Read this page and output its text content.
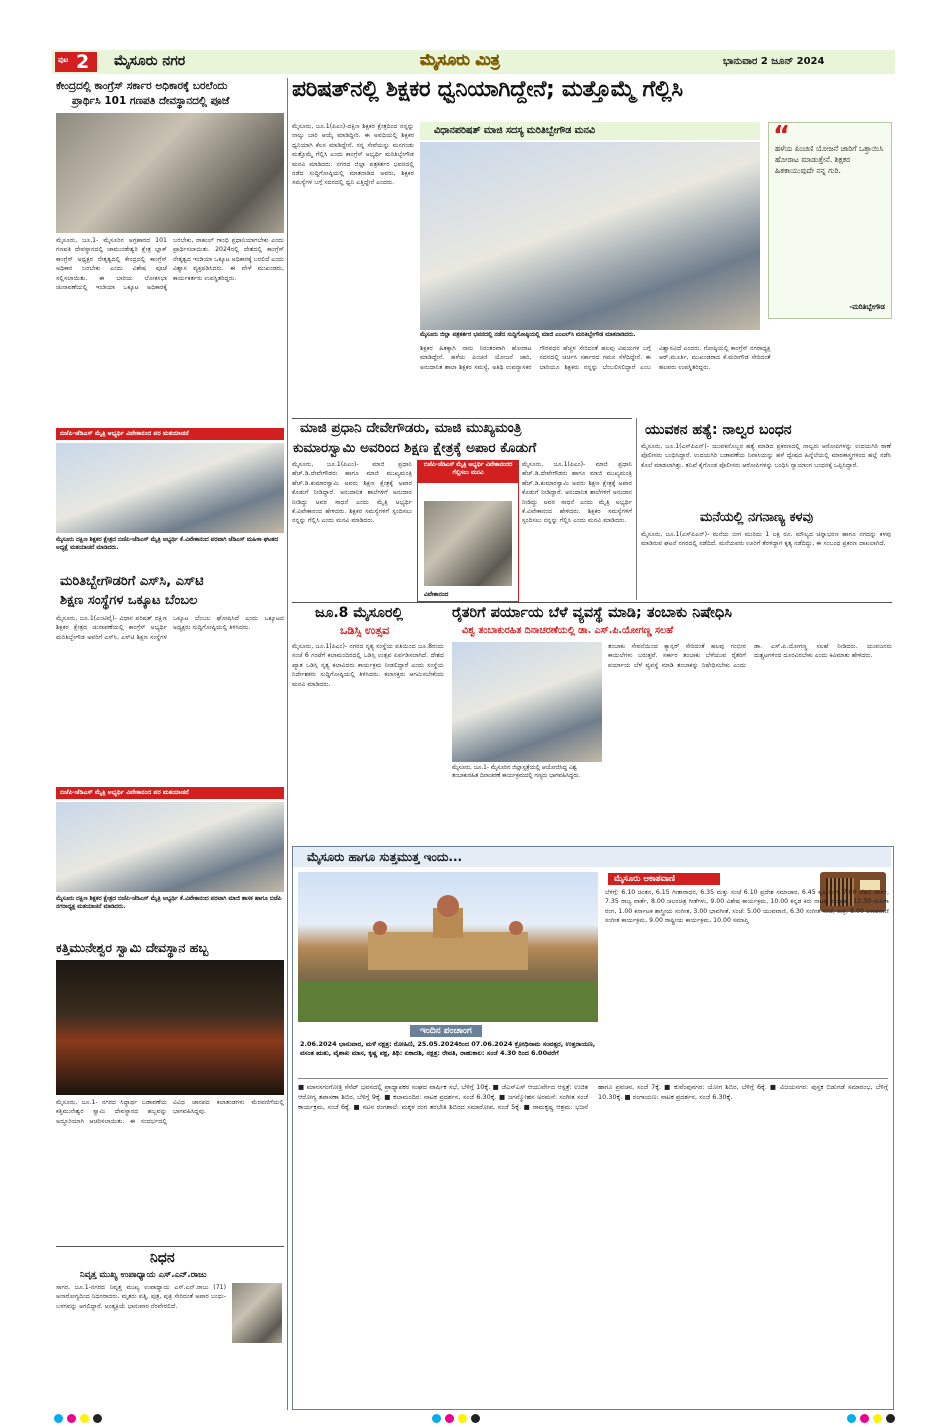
ಪುಟ 2 ಮೈಸೂರು ನಗರ	ಮೈಸೂರು ಮಿತ್ರ	ಭಾನುವಾರ 2 ಜೂನ್ 2024
ಕೇಂದ್ರದಲ್ಲಿ ಕಾಂಗ್ರೆಸ್ ಸರ್ಕಾರ ಅಧಿಕಾರಕ್ಕೆ ಬರಲೆಂದು
ಪ್ರಾರ್ಥಿಸಿ 101 ಗಣಪತಿ ದೇವಸ್ಥಾನದಲ್ಲಿ ಪೂಜೆ
ಮೈಸೂರು, ಜೂ.1- ಮೈಸೂರಿನ ಅಗ್ರಹಾರದ 101 ಗಣಪತಿ ದೇವಸ್ಥಾನದಲ್ಲಿ ಚಾಮುಂಡೇಶ್ವರಿ ಕ್ಷೇತ್ರ ಬ್ಲಾಕ್ ಕಾಂಗ್ರೆಸ್ ಅಧ್ಯಕ್ಷರ ನೇತೃತ್ವದಲ್ಲಿ ಕೇಂದ್ರದಲ್ಲಿ ಕಾಂಗ್ರೆಸ್ ಅಧಿಕಾರ ಬರಬೇಕು ಎಂದು ವಿಶೇಷ ಪೂಜೆ ಸಲ್ಲಿಸಲಾಯಿತು. ಈ ಬಾರಿಯ ಲೋಕಸಭಾ ಚುನಾವಣೆಯಲ್ಲಿ ಇಂಡಿಯಾ ಒಕ್ಕೂಟ ಅಧಿಕಾರಕ್ಕೆ ಬರಬೇಕು, ರಾಹುಲ್ ಗಾಂಧಿ ಪ್ರಧಾನಿಯಾಗಬೇಕು ಎಂದು ಪ್ರಾರ್ಥಿಸಲಾಯಿತು. 2024ರಲ್ಲಿ ದೇಶದಲ್ಲಿ ಕಾಂಗ್ರೆಸ್ ನೇತೃತ್ವದ ಇಂಡಿಯಾ ಒಕ್ಕೂಟ ಅಧಿಕಾರಕ್ಕೆ ಬರಲಿದೆ ಎಂದು ವಿಶ್ವಾಸ ವ್ಯಕ್ತಪಡಿಸಿದರು. ಈ ವೇಳೆ ಮುಖಂಡರು, ಕಾರ್ಯಕರ್ತರು ಉಪಸ್ಥಿತರಿದ್ದರು.
ಬಿಜೆಪಿ-ಜೆಡಿಎಸ್ ಮೈತ್ರಿ ಅಭ್ಯರ್ಥಿ ವಿವೇಕಾನಂದ ಪರ ಮತಯಾಚನೆ
ಮೈಸೂರು ದಕ್ಷಿಣ ಶಿಕ್ಷಕರ ಕ್ಷೇತ್ರದ ಬಿಜೆಪಿ-ಜೆಡಿಎಸ್ ಮೈತ್ರಿ ಅಭ್ಯರ್ಥಿ ಕೆ.ವಿವೇಕಾನಂದ ಪರವಾಗಿ ಜೆಡಿಎಸ್ ಮಹಿಳಾ ಘಟಕದ ಅಧ್ಯಕ್ಷೆ ಮತಯಾಚನೆ ಮಾಡಿದರು.
ಮರಿತಿಬ್ಬೇಗೌಡರಿಗೆ ಎಸ್‌ಸಿ, ಎಸ್‌ಟಿ
ಶಿಕ್ಷಣ ಸಂಸ್ಥೆಗಳ ಒಕ್ಕೂಟ ಬೆಂಬಲ
ಮೈಸೂರು, ಜೂ.1(ಎಂಟಿವೈ)- ವಿಧಾನ ಪರಿಷತ್ ದಕ್ಷಿಣ ಶಿಕ್ಷಕರ ಕ್ಷೇತ್ರದ ಚುನಾವಣೆಯಲ್ಲಿ ಕಾಂಗ್ರೆಸ್ ಅಭ್ಯರ್ಥಿ ಮರಿತಿಬ್ಬೇಗೌಡ ಅವರಿಗೆ ಎಸ್‌ಸಿ, ಎಸ್‌ಟಿ ಶಿಕ್ಷಣ ಸಂಸ್ಥೆಗಳ ಒಕ್ಕೂಟ ಬೆಂಬಲ ಘೋಷಿಸಿದೆ ಎಂದು ಒಕ್ಕೂಟದ ಅಧ್ಯಕ್ಷರು ಸುದ್ದಿಗೋಷ್ಠಿಯಲ್ಲಿ ತಿಳಿಸಿದರು.
ಬಿಜೆಪಿ-ಜೆಡಿಎಸ್ ಮೈತ್ರಿ ಅಭ್ಯರ್ಥಿ ವಿವೇಕಾನಂದ ಪರ ಮತಯಾಚನೆ
ಮೈಸೂರು ದಕ್ಷಿಣ ಶಿಕ್ಷಕರ ಕ್ಷೇತ್ರದ ಬಿಜೆಪಿ-ಜೆಡಿಎಸ್ ಮೈತ್ರಿ ಅಭ್ಯರ್ಥಿ ಕೆ.ವಿವೇಕಾನಂದ ಪರವಾಗಿ ಮಾಜಿ ಶಾಸಕ ಹಾಗೂ ಬಿಜೆಪಿ ನಗರಾಧ್ಯಕ್ಷ ಮತಯಾಚನೆ ಮಾಡಿದರು.
ಕತ್ತಿಮುನೇಶ್ವರ ಸ್ವಾಮಿ ದೇವಸ್ಥಾನ ಹಬ್ಬ
ಮೈಸೂರು, ಜೂ.1- ನಗರದ ಸಿದ್ದಾರ್ಥ ಬಡಾವಣೆಯ ಕತ್ತಿಮುನೇಶ್ವರ ಸ್ವಾಮಿ ದೇವಸ್ಥಾನದ ಹಬ್ಬವನ್ನು ಅದ್ಧೂರಿಯಾಗಿ ಆಚರಿಸಲಾಯಿತು. ಈ ಸಂದರ್ಭದಲ್ಲಿ ವಿವಿಧ ಜಾನಪದ ಕಲಾತಂಡಗಳು ಮೆರವಣಿಗೆಯಲ್ಲಿ ಭಾಗವಹಿಸಿದ್ದವು.
ನಿಧನ
ನಿವೃತ್ತ ಮುಖ್ಯ ಉಪಾಧ್ಯಾಯ ಎಸ್.ಎನ್.ರಾಜು
ಸಾಗರ, ಜೂ.1-ನಗರದ ನಿವೃತ್ತ ಮುಖ್ಯ ಉಪಾಧ್ಯಾಯ ಎಸ್.ಎನ್.ರಾಜು (71) ಅನಾರೋಗ್ಯದಿಂದ ನಿಧನರಾದರು. ಮೃತರು ಪತ್ನಿ, ಪುತ್ರ, ಪುತ್ರಿ ಸೇರಿದಂತೆ ಅಪಾರ ಬಂಧು-ಬಳಗವನ್ನು ಅಗಲಿದ್ದಾರೆ. ಅಂತ್ಯಕ್ರಿಯೆ ಭಾನುವಾರ ನೆರವೇರಲಿದೆ.
ಪರಿಷತ್‌ನಲ್ಲಿ ಶಿಕ್ಷಕರ ಧ್ವನಿಯಾಗಿದ್ದೇನೆ; ಮತ್ತೊಮ್ಮೆ ಗೆಲ್ಲಿಸಿ
ವಿಧಾನಪರಿಷತ್ ಮಾಜಿ ಸದಸ್ಯ ಮರಿತಿಬ್ಬೇಗೌಡ ಮನವಿ
ಮೈಸೂರು, ಜೂ.1(ಪಿಎಂ)-ದಕ್ಷಿಣ ಶಿಕ್ಷಕರ ಕ್ಷೇತ್ರದಿಂದ ನನ್ನನ್ನು ನಾಲ್ಕು ಬಾರಿ ಆಯ್ಕೆ ಮಾಡಿದ್ದೀರಿ. ಈ ಅವಧಿಯಲ್ಲಿ ಶಿಕ್ಷಕರ ಧ್ವನಿಯಾಗಿ ಕೆಲಸ ಮಾಡಿದ್ದೇನೆ. ನನ್ನ ಸೇವೆಯನ್ನು ಮನಗಂಡು ಮತ್ತೊಮ್ಮೆ ಗೆಲ್ಲಿಸಿ ಎಂದು ಕಾಂಗ್ರೆಸ್ ಅಭ್ಯರ್ಥಿ ಮರಿತಿಬ್ಬೇಗೌಡ ಮನವಿ ಮಾಡಿದರು. ನಗರದ ಜಿಲ್ಲಾ ಪತ್ರಕರ್ತರ ಭವನದಲ್ಲಿ ನಡೆದ ಸುದ್ದಿಗೋಷ್ಠಿಯಲ್ಲಿ ಮಾತನಾಡಿದ ಅವರು, ಶಿಕ್ಷಕರ ಸಮಸ್ಯೆಗಳ ಬಗ್ಗೆ ಸದನದಲ್ಲಿ ಧ್ವನಿ ಎತ್ತಿದ್ದೇನೆ ಎಂದರು.
ಮೈಸೂರು ಜಿಲ್ಲಾ ಪತ್ರಕರ್ತರ ಭವನದಲ್ಲಿ ನಡೆದ ಸುದ್ದಿಗೋಷ್ಠಿಯಲ್ಲಿ ಮಾಜಿ ಎಂಎಲ್‌ಸಿ ಮರಿತಿಬ್ಬೇಗೌಡ ಮಾತನಾಡಿದರು.
“
ಹಳೆಯ ಪಿಂಚಣಿ ಯೋಜನೆ ಜಾರಿಗೆ ಒತ್ತಾಯಿಸಿ ಹೋರಾಟ ಮಾಡುತ್ತೇನೆ. ಶಿಕ್ಷಕರ ಹಿತಕಾಯುವುದೇ ನನ್ನ ಗುರಿ.
-ಮರಿತಿಬ್ಬೇಗೌಡ
ಶಿಕ್ಷಕರ ಹಿತಕ್ಕಾಗಿ ನಾನು ನಿರಂತರವಾಗಿ ಹೋರಾಟ ಮಾಡಿದ್ದೇನೆ. ಹಳೆಯ ಪಿಂಚಣಿ ಯೋಜನೆ ಜಾರಿ, ಅನುದಾನಿತ ಶಾಲಾ ಶಿಕ್ಷಕರ ಸಮಸ್ಯೆ, ಅತಿಥಿ ಉಪನ್ಯಾಸಕರ ಗೌರವಧನ ಹೆಚ್ಚಳ ಸೇರಿದಂತೆ ಹಲವು ವಿಷಯಗಳ ಬಗ್ಗೆ ಸದನದಲ್ಲಿ ಚರ್ಚಿಸಿ ಸರ್ಕಾರದ ಗಮನ ಸೆಳೆದಿದ್ದೇನೆ. ಈ ಬಾರಿಯೂ ಶಿಕ್ಷಕರು ನನ್ನನ್ನು ಬೆಂಬಲಿಸಲಿದ್ದಾರೆ ಎಂಬ ವಿಶ್ವಾಸವಿದೆ ಎಂದರು. ಗೋಷ್ಠಿಯಲ್ಲಿ ಕಾಂಗ್ರೆಸ್ ನಗರಾಧ್ಯಕ್ಷ ಆರ್.ಮೂರ್ತಿ, ಮುಖಂಡರಾದ ಕೆ.ಮರೀಗೌಡ ಸೇರಿದಂತೆ ಹಲವರು ಉಪಸ್ಥಿತರಿದ್ದರು.
ಮಾಜಿ ಪ್ರಧಾನಿ ದೇವೇಗೌಡರು, ಮಾಜಿ ಮುಖ್ಯಮಂತ್ರಿ
ಕುಮಾರಸ್ವಾಮಿ ಅವರಿಂದ ಶಿಕ್ಷಣ ಕ್ಷೇತ್ರಕ್ಕೆ ಅಪಾರ ಕೊಡುಗೆ
ಬಿಜೆಪಿ-ಜೆಡಿಎಸ್ ಮೈತ್ರಿ ಅಭ್ಯರ್ಥಿ ವಿವೇಕಾನಂದರ ಗೆಲ್ಲಿಸಲು ಮನವಿ
ವಿವೇಕಾನಂದ
ಮೈಸೂರು, ಜೂ.1(ಪಿಎಂ)- ಮಾಜಿ ಪ್ರಧಾನಿ ಹೆಚ್.ಡಿ.ದೇವೇಗೌಡರು ಹಾಗೂ ಮಾಜಿ ಮುಖ್ಯಮಂತ್ರಿ ಹೆಚ್.ಡಿ.ಕುಮಾರಸ್ವಾಮಿ ಅವರು ಶಿಕ್ಷಣ ಕ್ಷೇತ್ರಕ್ಕೆ ಅಪಾರ ಕೊಡುಗೆ ನೀಡಿದ್ದಾರೆ. ಅನುದಾನಿತ ಶಾಲೆಗಳಿಗೆ ಅನುದಾನ ನೀಡಿದ್ದು ಅವರ ಸಾಧನೆ ಎಂದು ಮೈತ್ರಿ ಅಭ್ಯರ್ಥಿ ಕೆ.ವಿವೇಕಾನಂದ ಹೇಳಿದರು. ಶಿಕ್ಷಕರ ಸಮಸ್ಯೆಗಳಿಗೆ ಸ್ಪಂದಿಸಲು ನನ್ನನ್ನು ಗೆಲ್ಲಿಸಿ ಎಂದು ಮನವಿ ಮಾಡಿದರು.
ಮೈಸೂರು, ಜೂ.1(ಪಿಎಂ)- ಮಾಜಿ ಪ್ರಧಾನಿ ಹೆಚ್.ಡಿ.ದೇವೇಗೌಡರು ಹಾಗೂ ಮಾಜಿ ಮುಖ್ಯಮಂತ್ರಿ ಹೆಚ್.ಡಿ.ಕುಮಾರಸ್ವಾಮಿ ಅವರು ಶಿಕ್ಷಣ ಕ್ಷೇತ್ರಕ್ಕೆ ಅಪಾರ ಕೊಡುಗೆ ನೀಡಿದ್ದಾರೆ. ಅನುದಾನಿತ ಶಾಲೆಗಳಿಗೆ ಅನುದಾನ ನೀಡಿದ್ದು ಅವರ ಸಾಧನೆ ಎಂದು ಮೈತ್ರಿ ಅಭ್ಯರ್ಥಿ ಕೆ.ವಿವೇಕಾನಂದ ಹೇಳಿದರು. ಶಿಕ್ಷಕರ ಸಮಸ್ಯೆಗಳಿಗೆ ಸ್ಪಂದಿಸಲು ನನ್ನನ್ನು ಗೆಲ್ಲಿಸಿ ಎಂದು ಮನವಿ ಮಾಡಿದರು.
ಯುವಕನ ಹತ್ಯೆ: ನಾಲ್ವರ ಬಂಧನ
ಮೈಸೂರು, ಜೂ.1(ಎಸ್‌ಪಿಎನ್)- ಯುವಕನೊಬ್ಬನ ಹತ್ಯೆ ಮಾಡಿದ ಪ್ರಕರಣದಲ್ಲಿ ನಾಲ್ವರು ಆರೋಪಿಗಳನ್ನು ಉದಯಗಿರಿ ಠಾಣೆ ಪೊಲೀಸರು ಬಂಧಿಸಿದ್ದಾರೆ. ಉದಯಗಿರಿ ಬಡಾವಣೆಯ ನಿವಾಸಿಯನ್ನು ಹಳೆ ದ್ವೇಷದ ಹಿನ್ನೆಲೆಯಲ್ಲಿ ಮಾರಕಾಸ್ತ್ರಗಳಿಂದ ಹಲ್ಲೆ ನಡೆಸಿ ಕೊಲೆ ಮಾಡಲಾಗಿತ್ತು. ತನಿಖೆ ಕೈಗೊಂಡ ಪೊಲೀಸರು ಆರೋಪಿಗಳನ್ನು ಬಂಧಿಸಿ ನ್ಯಾಯಾಂಗ ಬಂಧನಕ್ಕೆ ಒಪ್ಪಿಸಿದ್ದಾರೆ.
ಮನೆಯಲ್ಲಿ ನಗನಾಣ್ಯ ಕಳವು
ಮೈಸೂರು, ಜೂ.1(ಎಸ್‌ಪಿಎನ್)- ಮನೆಯ ಬೀಗ ಮುರಿದು 1 ಲಕ್ಷ ರೂ. ಮೌಲ್ಯದ ಚಿನ್ನಾಭರಣ ಹಾಗೂ ನಗದನ್ನು ಕಳವು ಮಾಡಿರುವ ಘಟನೆ ನಗರದಲ್ಲಿ ನಡೆದಿದೆ. ಮನೆಯವರು ಊರಿಗೆ ತೆರಳಿದ್ದಾಗ ಕೃತ್ಯ ನಡೆದಿದ್ದು, ಈ ಸಂಬಂಧ ಪ್ರಕರಣ ದಾಖಲಾಗಿದೆ.
ಜೂ.8 ಮೈಸೂರಲ್ಲಿ
ಒಡಿಸ್ಸಿ ಉತ್ಸವ
ಮೈಸೂರು, ಜೂ.1(ಪಿಎಂ)- ನಗರದ ನೃತ್ಯ ಸಂಸ್ಥೆಯ ವತಿಯಿಂದ ಜೂ.8ರಂದು ಸಂಜೆ 6 ಗಂಟೆಗೆ ಕಲಾಮಂದಿರದಲ್ಲಿ ಒಡಿಸ್ಸಿ ಉತ್ಸವ ಏರ್ಪಡಿಸಲಾಗಿದೆ. ದೇಶದ ಖ್ಯಾತ ಒಡಿಸ್ಸಿ ನೃತ್ಯ ಕಲಾವಿದರು ಕಾರ್ಯಕ್ರಮ ನೀಡಲಿದ್ದಾರೆ ಎಂದು ಸಂಸ್ಥೆಯ ನಿರ್ದೇಶಕರು ಸುದ್ದಿಗೋಷ್ಠಿಯಲ್ಲಿ ತಿಳಿಸಿದರು. ಕಲಾಸಕ್ತರು ಆಗಮಿಸಬೇಕೆಂದು ಮನವಿ ಮಾಡಿದರು.
ರೈತರಿಗೆ ಪರ್ಯಾಯ ಬೆಳೆ ವ್ಯವಸ್ಥೆ ಮಾಡಿ; ತಂಬಾಕು ನಿಷೇಧಿಸಿ
ವಿಶ್ವ ತಂಬಾಕುರಹಿತ ದಿನಾಚರಣೆಯಲ್ಲಿ ಡಾ. ಎಸ್.ಪಿ.ಯೋಗಣ್ಣ ಸಲಹೆ
ಮೈಸೂರು, ಜೂ.1- ಮೈಸೂರಿನ ಜಿಲ್ಲಾಸ್ಪತ್ರೆಯಲ್ಲಿ ಆಯೋಜಿಸಿದ್ದ ವಿಶ್ವ ತಂಬಾಕುರಹಿತ ದಿನಾಚರಣೆ ಕಾರ್ಯಕ್ರಮದಲ್ಲಿ ಗಣ್ಯರು ಭಾಗವಹಿಸಿದ್ದರು.
ತಂಬಾಕು ಸೇವನೆಯಿಂದ ಕ್ಯಾನ್ಸರ್ ಸೇರಿದಂತೆ ಹಲವು ಗಂಭೀರ ಕಾಯಿಲೆಗಳು ಬರುತ್ತವೆ. ಸರ್ಕಾರ ತಂಬಾಕು ಬೆಳೆಯುವ ರೈತರಿಗೆ ಪರ್ಯಾಯ ಬೆಳೆ ವ್ಯವಸ್ಥೆ ಮಾಡಿ ತಂಬಾಕನ್ನು ನಿಷೇಧಿಸಬೇಕು ಎಂದು ಡಾ. ಎಸ್.ಪಿ.ಯೋಗಣ್ಣ ಸಲಹೆ ನೀಡಿದರು. ಯುವಜನರು ದುಶ್ಚಟಗಳಿಂದ ದೂರವಿರಬೇಕು ಎಂದು ಕಿವಿಮಾತು ಹೇಳಿದರು.
ಮೈಸೂರು ಹಾಗೂ ಸುತ್ತಮುತ್ತ ಇಂದು...
ಇಂದಿನ ಪಂಚಾಂಗ
2.06.2024 ಭಾನುವಾರ, ಮಳೆ ನಕ್ಷತ್ರ: ರೋಹಿಣಿ, 25.05.2024ರಿಂದ 07.06.2024 ಕ್ರೋಧಿನಾಮ ಸಂವತ್ಸರ, ಉತ್ತರಾಯಣ, ವಸಂತ ಋತು, ವೈಶಾಖ ಮಾಸ, ಕೃಷ್ಣ ಪಕ್ಷ, ತಿಥಿ: ಏಕಾದಶಿ, ನಕ್ಷತ್ರ: ರೇವತಿ, ರಾಹುಕಾಲ: ಸಂಜೆ 4.30 ರಿಂದ 6.00ವರೆಗೆ
ಮೈಸೂರು ಆಕಾಶವಾಣಿ
ಬೆಳಿಗ್ಗೆ: 6.10 ಚಿಂತನ, 6.15 ಗೀತಾರಾಧನ, 6.35 ಮತ್ತು ಸಂಜೆ 6.10 ಪ್ರದೇಶ ಸಮಾಚಾರ, 6.45 ಕೃಷಿ ರಂಗ, 7.00 ದೆಹಲಿ ವಾರ್ತೆ, 7.35 ರಾಜ್ಯ ವಾರ್ತೆ, 8.00 ಚಲನಚಿತ್ರ ಗೀತೆಗಳು, 9.00 ವಿಶೇಷ ಕಾರ್ಯಕ್ರಮ, 10.00 ಕನ್ನಡ ಕಿರು ನಾಟಕ, ಮಧ್ಯಾಹ್ನ: 12.30 ಮಹಿಳಾ ರಂಗ, 1.00 ಕರ್ನಾಟಕ ಶಾಸ್ತ್ರೀಯ ಸಂಗೀತ, 3.00 ಭಾವಗೀತೆ, ಸಂಜೆ: 5.00 ಯುವವಾಣಿ, 6.30 ಸಂಗೀತ ಸಂಜೆ, ರಾತ್ರಿ: 8.00 ಆಕಾಶವಾಣಿ ಸಂಗೀತ ಕಾರ್ಯಕ್ರಮ, 9.00 ರಾಷ್ಟ್ರೀಯ ಕಾರ್ಯಕ್ರಮ, 10.00 ಸಮಾಪ್ತಿ
■ ಮಾನಸಗಂಗೋತ್ರಿ ಸೆನೆಟ್ ಭವನದಲ್ಲಿ ಪ್ರಾಧ್ಯಾಪಕರ ಸಂಘದ ವಾರ್ಷಿಕ ಸಭೆ, ಬೆಳಿಗ್ಗೆ 10ಕ್ಕೆ. ■ ಜೆಎಸ್‌ಎಸ್ ಆಯುರ್ವೇದ ಆಸ್ಪತ್ರೆ: ಉಚಿತ ಆರೋಗ್ಯ ತಪಾಸಣಾ ಶಿಬಿರ, ಬೆಳಿಗ್ಗೆ 9ಕ್ಕೆ. ■ ಕಲಾಮಂದಿರ: ನಾಟಕ ಪ್ರದರ್ಶನ, ಸಂಜೆ 6.30ಕ್ಕೆ. ■ ಜಗನ್ಮೋಹನ ಅರಮನೆ: ಸಂಗೀತ ಸಂಜೆ ಕಾರ್ಯಕ್ರಮ, ಸಂಜೆ 6ಕ್ಕೆ. ■ ನಟನ ರಂಗಶಾಲೆ: ಮಕ್ಕಳ ರಂಗ ತರಬೇತಿ ಶಿಬಿರದ ಸಮಾರೋಪ, ಸಂಜೆ 5ಕ್ಕೆ. ■ ರಾಮಕೃಷ್ಣ ಆಶ್ರಮ: ಭಜನೆ ಹಾಗೂ ಪ್ರವಚನ, ಸಂಜೆ 7ಕ್ಕೆ. ■ ಕುವೆಂಪುನಗರ: ಯೋಗ ಶಿಬಿರ, ಬೆಳಿಗ್ಗೆ 6ಕ್ಕೆ. ■ ವಿಜಯನಗರ: ಪುಸ್ತಕ ಬಿಡುಗಡೆ ಸಮಾರಂಭ, ಬೆಳಿಗ್ಗೆ 10.30ಕ್ಕೆ. ■ ರಂಗಾಯಣ: ನಾಟಕ ಪ್ರದರ್ಶನ, ಸಂಜೆ 6.30ಕ್ಕೆ.
